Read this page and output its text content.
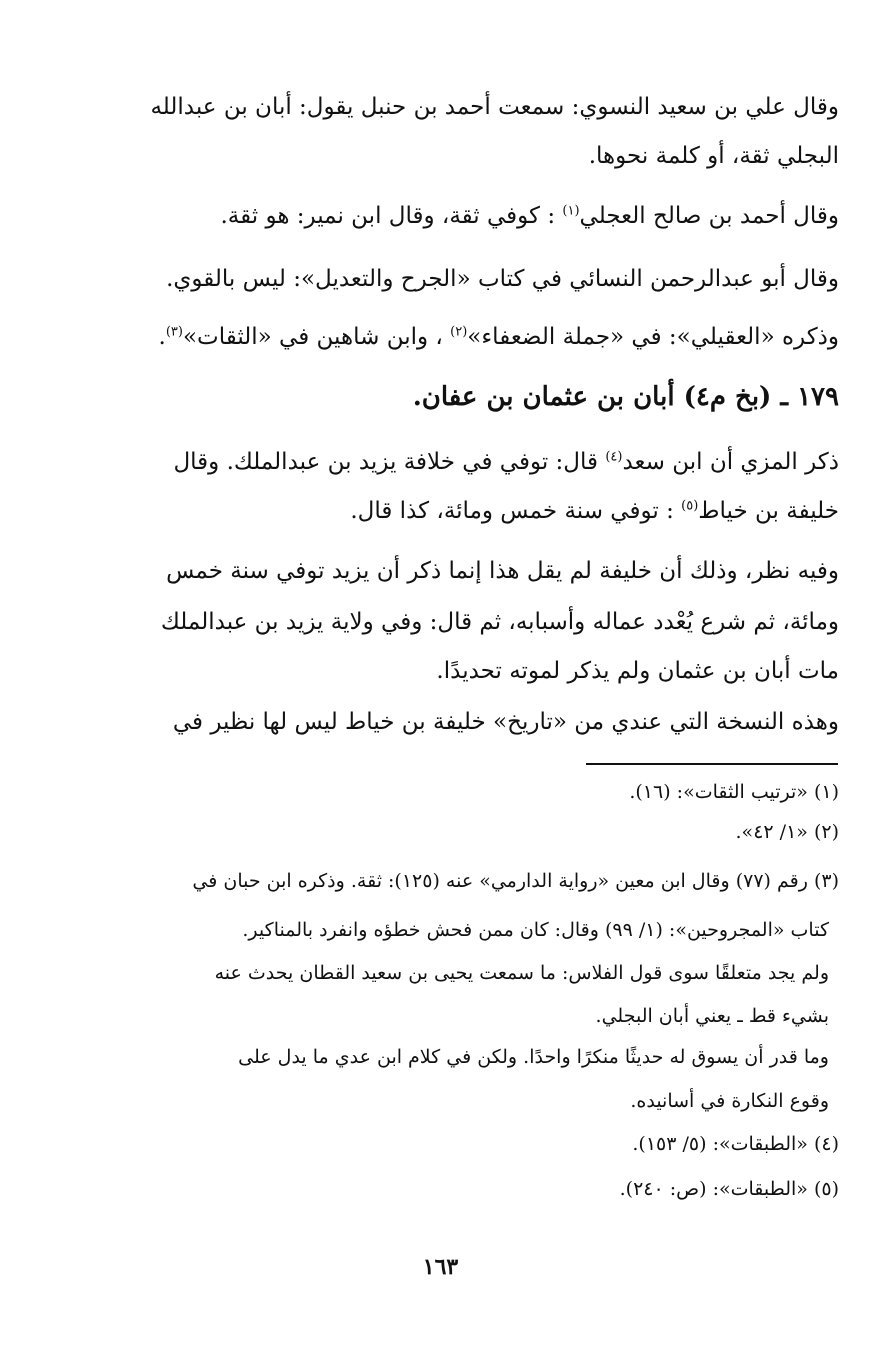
وقال علي بن سعيد النسوي: سمعت أحمد بن حنبل يقول: أبان بن عبدالله
البجلي ثقة، أو كلمة نحوها.
وقال أحمد بن صالح العجلي$^{(١)}$ : كوفي ثقة، وقال ابن نمير: هو ثقة.
وقال أبو عبدالرحمن النسائي في كتاب «الجرح والتعديل»: ليس بالقوي.
وذكره «العقيلي»: في «جملة الضعفاء»$^{(٢)}$ ، وابن شاهين في «الثقات»$^{(٣)}$.
١٧٩ ـ (بخ م٤) أبان بن عثمان بن عفان.
ذكر المزي أن ابن سعد$^{(٤)}$ قال: توفي في خلافة يزيد بن عبدالملك. وقال
خليفة بن خياط$^{(٥)}$ : توفي سنة خمس ومائة، كذا قال.
وفيه نظر، وذلك أن خليفة لم يقل هذا إنما ذكر أن يزيد توفي سنة خمس
ومائة، ثم شرع يُعْدد عماله وأسبابه، ثم قال: وفي ولاية يزيد بن عبدالملك
مات أبان بن عثمان ولم يذكر لموته تحديدًا.
وهذه النسخة التي عندي من «تاريخ» خليفة بن خياط ليس لها نظير في
(١) «ترتيب الثقات»: (١٦).
(٢) «١/ ٤٢».
(٣) رقم (٧٧) وقال ابن معين «رواية الدارمي» عنه (١٢٥): ثقة. وذكره ابن حبان في
كتاب «المجروحين»: (١/ ٩٩) وقال: كان ممن فحش خطؤه وانفرد بالمناكير.
ولم يجد متعلقًا سوى قول الفلاس: ما سمعت يحيى بن سعيد القطان يحدث عنه
بشيء قط ـ يعني أبان البجلي.
وما قدر أن يسوق له حديثًا منكرًا واحدًا. ولكن في كلام ابن عدي ما يدل على
وقوع النكارة في أسانيده.
(٤) «الطبقات»: (٥/ ١٥٣).
(٥) «الطبقات»: (ص: ٢٤٠).
١٦٣
